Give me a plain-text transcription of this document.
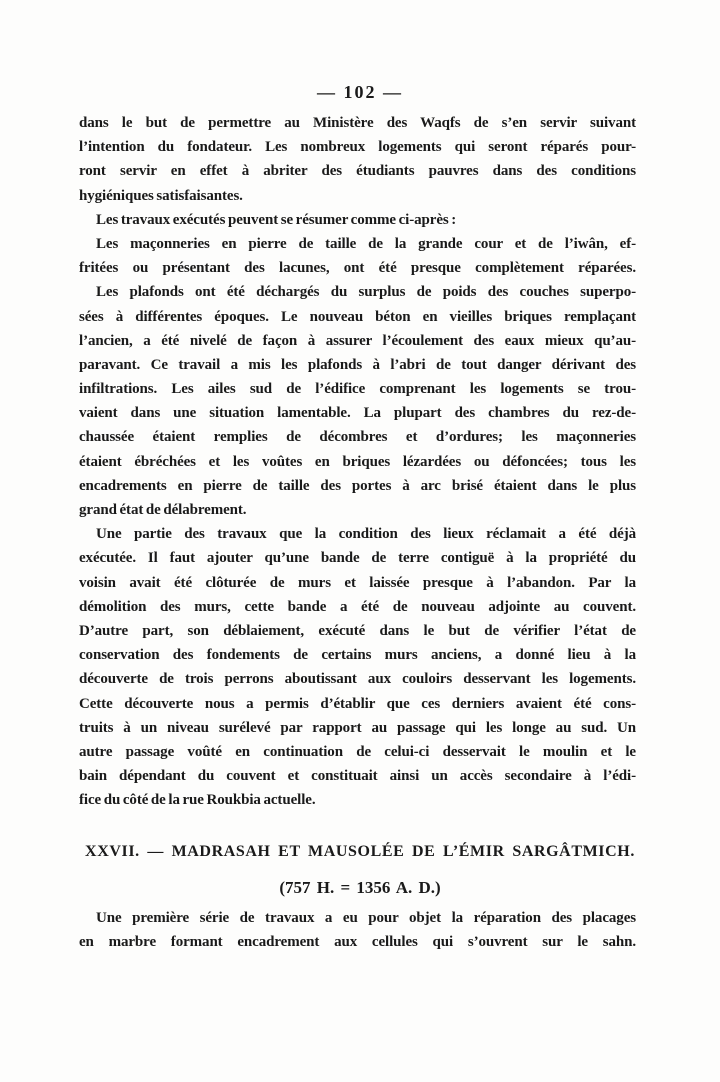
— 102 —
dans le but de permettre au Ministère des Waqfs de s’en servir suivant
l’intention du fondateur. Les nombreux logements qui seront réparés pour-
ront servir en effet à abriter des étudiants pauvres dans des conditions
hygiéniques satisfaisantes.
Les travaux exécutés peuvent se résumer comme ci-après :
Les maçonneries en pierre de taille de la grande cour et de l’iwân, ef-
fritées ou présentant des lacunes, ont été presque complètement réparées.
Les plafonds ont été déchargés du surplus de poids des couches superpo-
sées à différentes époques. Le nouveau béton en vieilles briques remplaçant
l’ancien, a été nivelé de façon à assurer l’écoulement des eaux mieux qu’au-
paravant. Ce travail a mis les plafonds à l’abri de tout danger dérivant des
infiltrations. Les ailes sud de l’édifice comprenant les logements se trou-
vaient dans une situation lamentable. La plupart des chambres du rez-de-
chaussée étaient remplies de décombres et d’ordures; les maçonneries
étaient ébréchées et les voûtes en briques lézardées ou défoncées; tous les
encadrements en pierre de taille des portes à arc brisé étaient dans le plus
grand état de délabrement.
Une partie des travaux que la condition des lieux réclamait a été déjà
exécutée. Il faut ajouter qu’une bande de terre contiguë à la propriété du
voisin avait été clôturée de murs et laissée presque à l’abandon. Par la
démolition des murs, cette bande a été de nouveau adjointe au couvent.
D’autre part, son déblaiement, exécuté dans le but de vérifier l’état de
conservation des fondements de certains murs anciens, a donné lieu à la
découverte de trois perrons aboutissant aux couloirs desservant les logements.
Cette découverte nous a permis d’établir que ces derniers avaient été cons-
truits à un niveau surélevé par rapport au passage qui les longe au sud. Un
autre passage voûté en continuation de celui-ci desservait le moulin et le
bain dépendant du couvent et constituait ainsi un accès secondaire à l’édi-
fice du côté de la rue Roukbia actuelle.
XXVII. — MADRASAH ET MAUSOLÉE DE L’ÉMIR SARGÂTMICH.
(757 H. = 1356 A. D.)
Une première série de travaux a eu pour objet la réparation des placages
en marbre formant encadrement aux cellules qui s’ouvrent sur le sahn.
